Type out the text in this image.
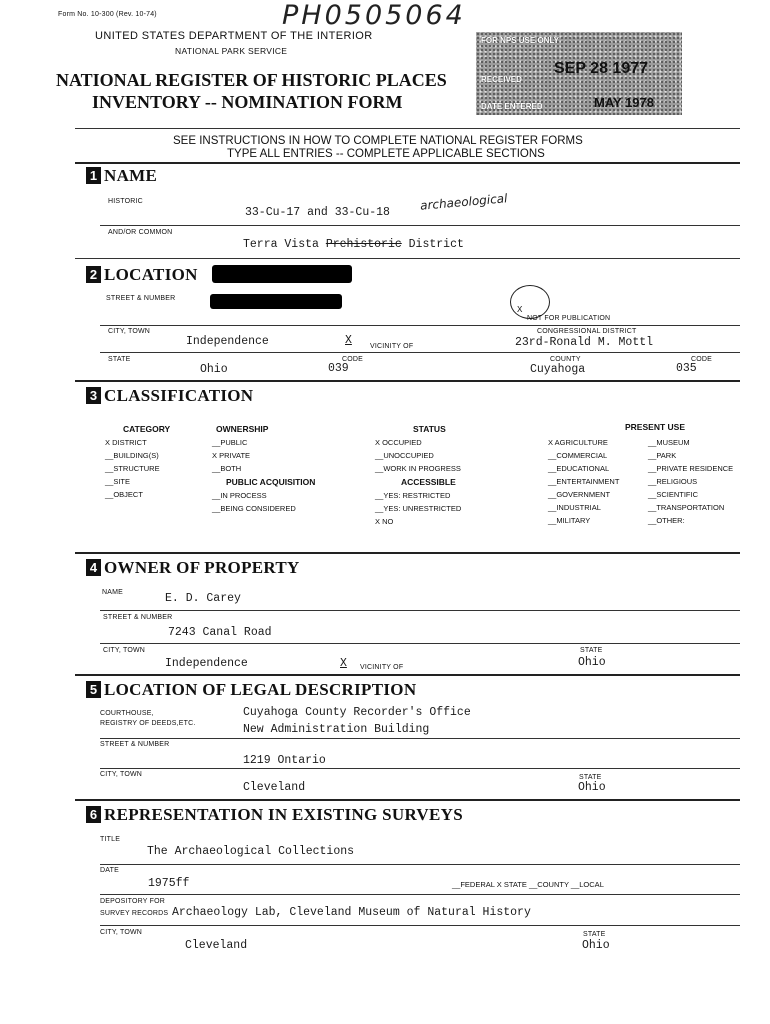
Form No. 10-300 (Rev. 10-74)	PH0505064
UNITED STATES DEPARTMENT OF THE INTERIOR
NATIONAL PARK SERVICE
NATIONAL REGISTER OF HISTORIC PLACES
INVENTORY -- NOMINATION FORM
FOR NPS USE ONLY
RECEIVED
SEP 28 1977
DATE ENTERED	MAY 1978
SEE INSTRUCTIONS IN HOW TO COMPLETE NATIONAL REGISTER FORMS
TYPE ALL ENTRIES -- COMPLETE APPLICABLE SECTIONS
1 NAME
HISTORIC
33-Cu-17 and 33-Cu-18 archaeological
AND/OR COMMON
Terra Vista Prehistoric District
2 LOCATION
STREET & NUMBER
X
NOT FOR PUBLICATION
CITY, TOWN
Independence	X	VICINITY OF
CONGRESSIONAL DISTRICT
23rd-Ronald M. Mottl
STATE
Ohio
CODE
039
COUNTY
Cuyahoga
CODE
035
3 CLASSIFICATION
CATEGORY
X DISTRICT
__BUILDING(S)
__STRUCTURE
__SITE
__OBJECT
OWNERSHIP
__PUBLIC
X PRIVATE
__BOTH
PUBLIC ACQUISITION
__IN PROCESS
__BEING CONSIDERED
STATUS
X OCCUPIED
__UNOCCUPIED
__WORK IN PROGRESS
ACCESSIBLE
__YES: RESTRICTED
__YES: UNRESTRICTED
X NO
PRESENT USE
X AGRICULTURE
__COMMERCIAL
__EDUCATIONAL
__ENTERTAINMENT
__GOVERNMENT
__INDUSTRIAL
__MILITARY
__MUSEUM
__PARK
__PRIVATE RESIDENCE
__RELIGIOUS
__SCIENTIFIC
__TRANSPORTATION
__OTHER:
4 OWNER OF PROPERTY
NAME	E. D. Carey
STREET & NUMBER
7243 Canal Road
CITY, TOWN
Independence	X VICINITY OF
STATE
Ohio
5 LOCATION OF LEGAL DESCRIPTION
COURTHOUSE,
REGISTRY OF DEEDS,ETC.
Cuyahoga County Recorder's Office
New Administration Building
STREET & NUMBER
1219 Ontario
CITY, TOWN
Cleveland
STATE
Ohio
6 REPRESENTATION IN EXISTING SURVEYS
TITLE
The Archaeological Collections
DATE
1975ff	__FEDERAL X STATE __COUNTY __LOCAL
DEPOSITORY FOR
SURVEY RECORDS Archaeology Lab, Cleveland Museum of Natural History
CITY, TOWN
Cleveland
STATE
Ohio
